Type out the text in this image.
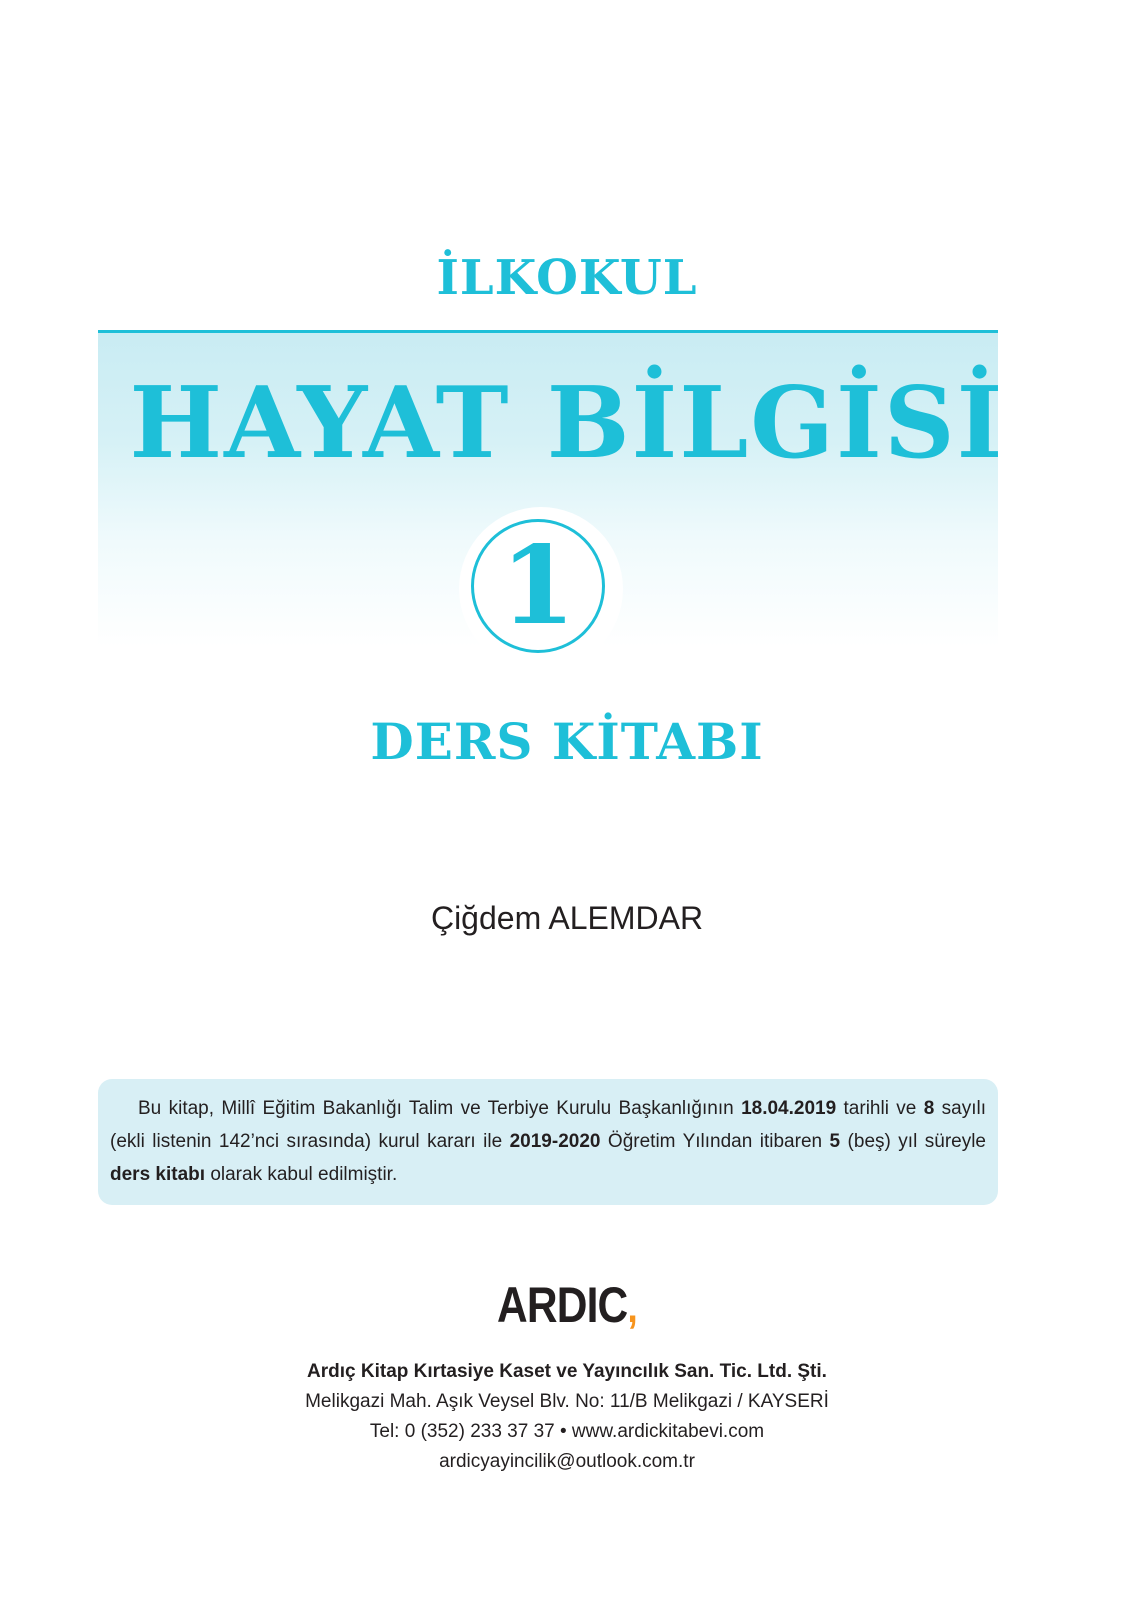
İLKOKUL
HAYAT BİLGİSİ
1
DERS KİTABI
Çiğdem ALEMDAR

Bu kitap, Millî Eğitim Bakanlığı Talim ve Terbiye Kurulu Başkanlığının 18.04.2019 tarihli ve 8 sayılı (ekli listenin 142’nci sırasında) kurul kararı ile 2019-2020 Öğretim Yılından itibaren 5 (beş) yıl süreyle ders kitabı olarak kabul edilmiştir.

ARDIC,
Ardıç Kitap Kırtasiye Kaset ve Yayıncılık San. Tic. Ltd. Şti.
Melikgazi Mah. Aşık Veysel Blv. No: 11/B Melikgazi / KAYSERİ
Tel: 0 (352) 233 37 37 • www.ardickitabevi.com
ardicyayincilik@outlook.com.tr
